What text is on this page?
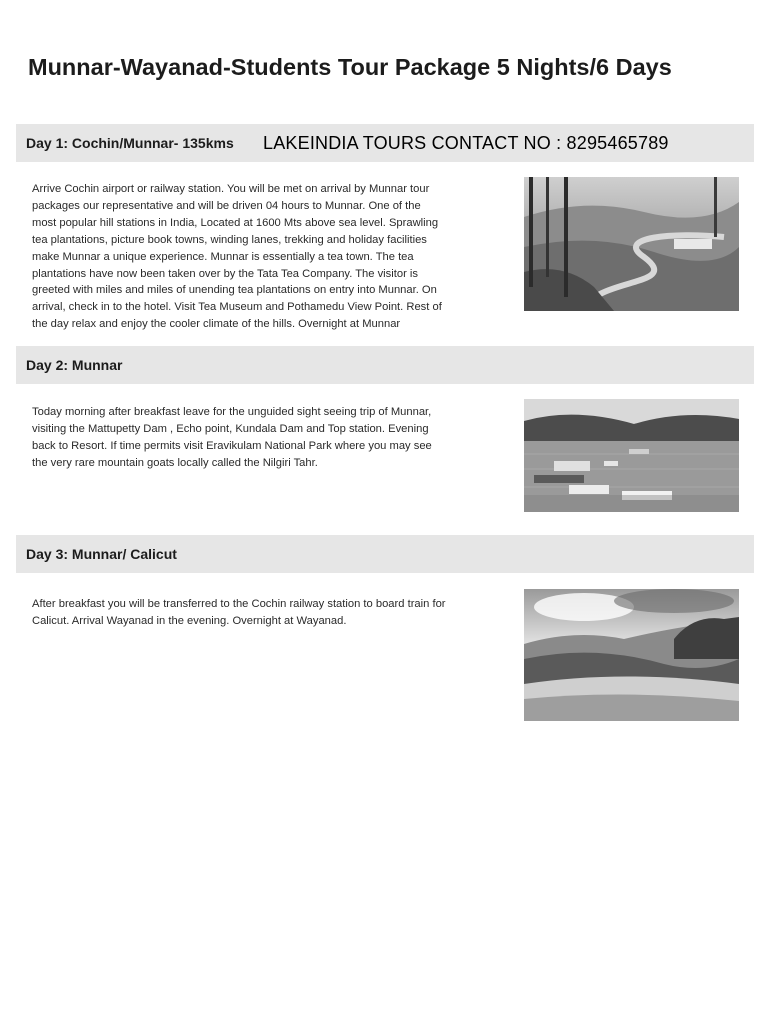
Munnar-Wayanad-Students Tour Package 5 Nights/6 Days
Day 1: Cochin/Munnar- 135kms LAKEINDIA TOURS CONTACT NO : 8295465789
Arrive Cochin airport or railway station. You will be met on arrival by Munnar tour
packages our representative and will be driven 04 hours to Munnar. One of the
most popular hill stations in India, Located at 1600 Mts above sea level. Sprawling
tea plantations, picture book towns, winding lanes, trekking and holiday facilities
make Munnar a unique experience. Munnar is essentially a tea town. The tea
plantations have now been taken over by the Tata Tea Company. The visitor is
greeted with miles and miles of unending tea plantations on entry into Munnar. On
arrival, check in to the hotel. Visit Tea Museum and Pothamedu View Point. Rest of
the day relax and enjoy the cooler climate of the hills. Overnight at Munnar
Day 2: Munnar
Today morning after breakfast leave for the unguided sight seeing trip of Munnar,
visiting the Mattupetty Dam , Echo point, Kundala Dam and Top station. Evening
back to Resort. If time permits visit Eravikulam National Park where you may see
the very rare mountain goats locally called the Nilgiri Tahr.
Day 3: Munnar/ Calicut
After breakfast you will be transferred to the Cochin railway station to board train for
Calicut. Arrival Wayanad in the evening. Overnight at Wayanad.
